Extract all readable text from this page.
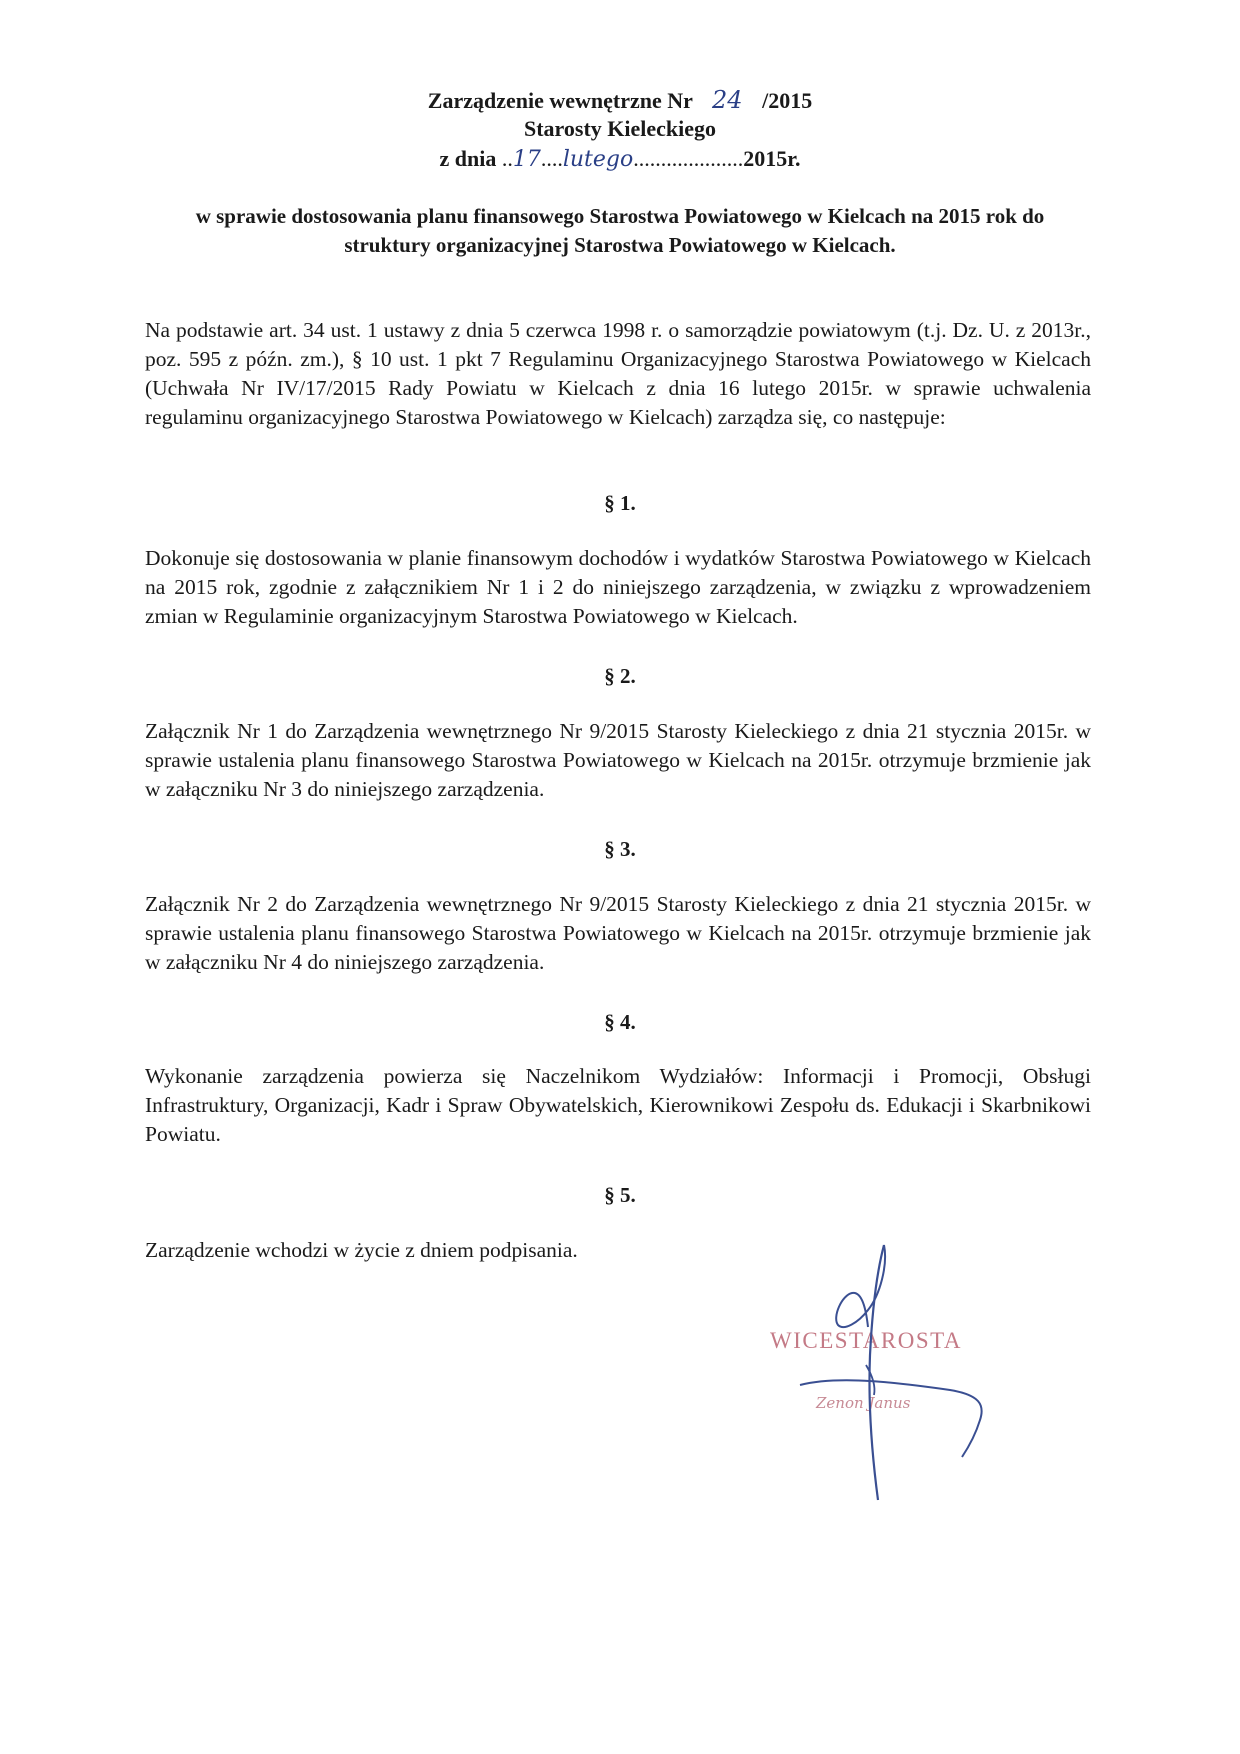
Zarządzenie wewnętrzne Nr 24 /2015
Starosty Kieleckiego
z dnia ..17....lutego....................2015r.
w sprawie dostosowania planu finansowego Starostwa Powiatowego w Kielcach na 2015 rok do struktury organizacyjnej Starostwa Powiatowego w Kielcach.
Na podstawie art. 34 ust. 1 ustawy z dnia 5 czerwca 1998 r. o samorządzie powiatowym (t.j. Dz. U. z 2013r., poz. 595 z późn. zm.), § 10 ust. 1 pkt 7 Regulaminu Organizacyjnego Starostwa Powiatowego w Kielcach (Uchwała Nr IV/17/2015 Rady Powiatu w Kielcach z dnia 16 lutego 2015r. w sprawie uchwalenia regulaminu organizacyjnego Starostwa Powiatowego w Kielcach) zarządza się, co następuje:
§ 1.
Dokonuje się dostosowania w planie finansowym dochodów i wydatków Starostwa Powiatowego w Kielcach na 2015 rok, zgodnie z załącznikiem Nr 1 i 2 do niniejszego zarządzenia, w związku z wprowadzeniem zmian w Regulaminie organizacyjnym Starostwa Powiatowego w Kielcach.
§ 2.
Załącznik Nr 1 do Zarządzenia wewnętrznego Nr 9/2015 Starosty Kieleckiego z dnia 21 stycznia 2015r. w sprawie ustalenia planu finansowego Starostwa Powiatowego w Kielcach na 2015r. otrzymuje brzmienie jak w załączniku Nr 3 do niniejszego zarządzenia.
§ 3.
Załącznik Nr 2 do Zarządzenia wewnętrznego Nr 9/2015 Starosty Kieleckiego z dnia 21 stycznia 2015r. w sprawie ustalenia planu finansowego Starostwa Powiatowego w Kielcach na 2015r. otrzymuje brzmienie jak w załączniku Nr 4 do niniejszego zarządzenia.
§ 4.
Wykonanie zarządzenia powierza się Naczelnikom Wydziałów: Informacji i Promocji, Obsługi Infrastruktury, Organizacji, Kadr i Spraw Obywatelskich, Kierownikowi Zespołu ds. Edukacji i Skarbnikowi Powiatu.
§ 5.
Zarządzenie wchodzi w życie z dniem podpisania.
WICESTAROSTA
Zenon Janus
